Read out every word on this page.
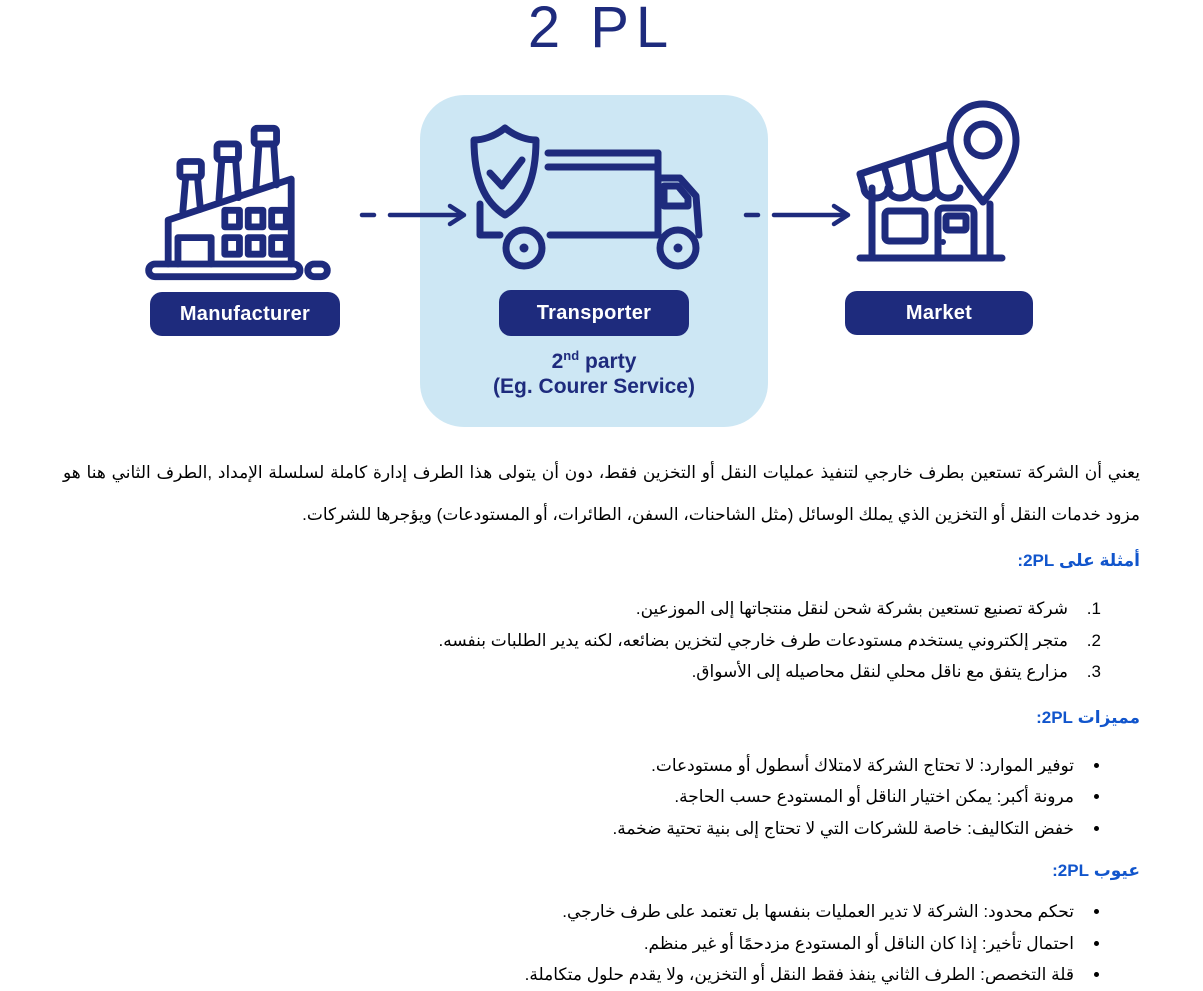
2 PL
Manufacturer	Transporter	Market
2nd party
(Eg. Courer Service)

يعني أن الشركة تستعين بطرف خارجي لتنفيذ عمليات النقل أو التخزين فقط، دون أن يتولى هذا الطرف إدارة كاملة لسلسلة الإمداد ,الطرف الثاني هنا هو مزود خدمات النقل أو التخزين الذي يملك الوسائل (مثل الشاحنات، السفن، الطائرات، أو المستودعات) ويؤجرها للشركات.

أمثلة على 2PL:
1. شركة تصنيع تستعين بشركة شحن لنقل منتجاتها إلى الموزعين.
2. متجر إلكتروني يستخدم مستودعات طرف خارجي لتخزين بضائعه، لكنه يدير الطلبات بنفسه.
3. مزارع يتفق مع ناقل محلي لنقل محاصيله إلى الأسواق.
مميزات 2PL:
• توفير الموارد: لا تحتاج الشركة لامتلاك أسطول أو مستودعات.
• مرونة أكبر: يمكن اختيار الناقل أو المستودع حسب الحاجة.
• خفض التكاليف: خاصة للشركات التي لا تحتاج إلى بنية تحتية ضخمة.
عيوب 2PL:
• تحكم محدود: الشركة لا تدير العمليات بنفسها بل تعتمد على طرف خارجي.
• احتمال تأخير: إذا كان الناقل أو المستودع مزدحمًا أو غير منظم.
• قلة التخصص: الطرف الثاني ينفذ فقط النقل أو التخزين، ولا يقدم حلول متكاملة.
